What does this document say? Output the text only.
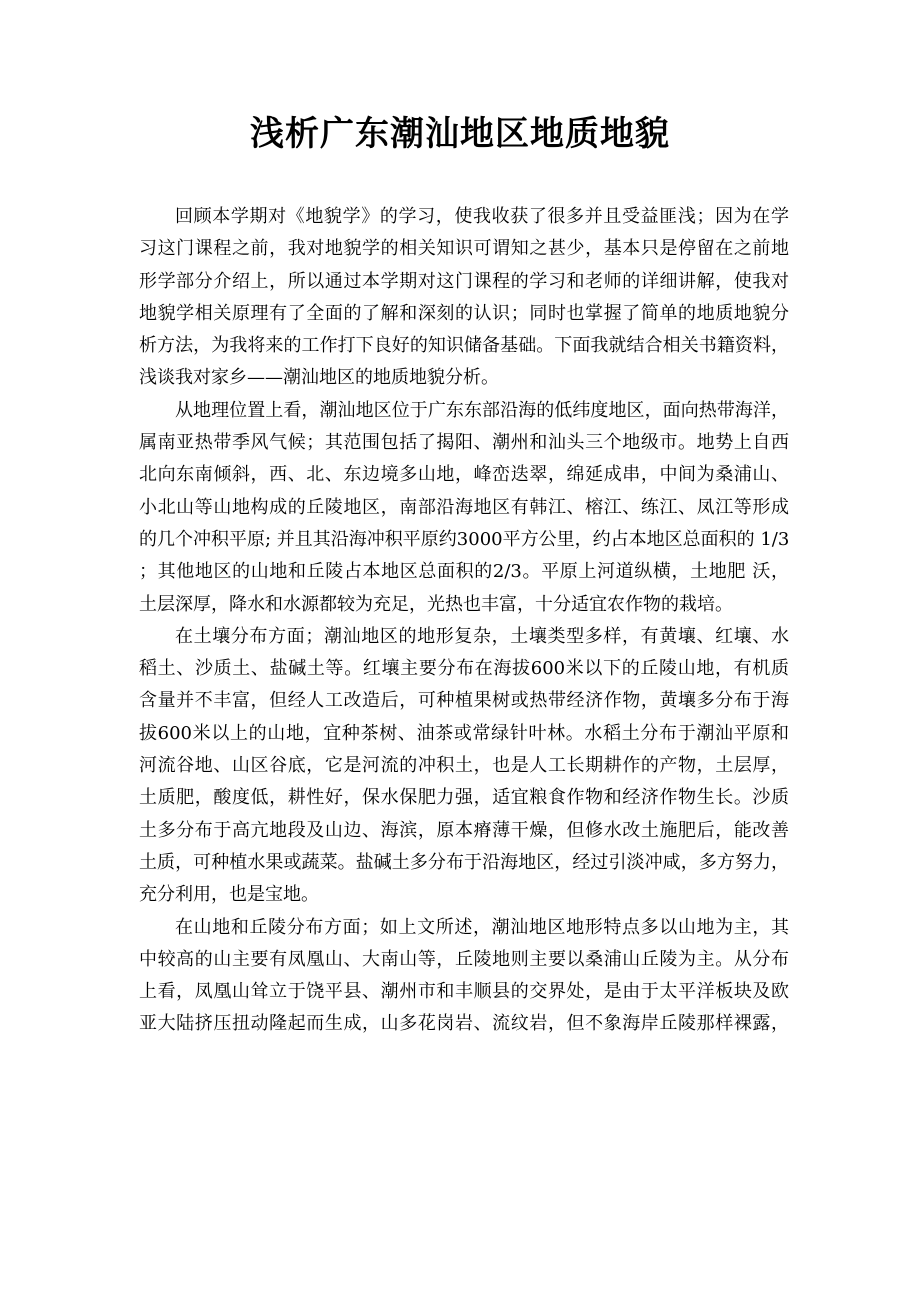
浅析广东潮汕地区地质地貌
回顾本学期对《地貌学》的学习，使我收获了很多并且受益匪浅；因为在学
习这门课程之前，我对地貌学的相关知识可谓知之甚少，基本只是停留在之前地
形学部分介绍上，所以通过本学期对这门课程的学习和老师的详细讲解，使我对
地貌学相关原理有了全面的了解和深刻的认识；同时也掌握了简单的地质地貌分
析方法，为我将来的工作打下良好的知识储备基础。下面我就结合相关书籍资料，
浅谈我对家乡——潮汕地区的地质地貌分析。
从地理位置上看，潮汕地区位于广东东部沿海的低纬度地区，面向热带海洋，
属南亚热带季风气候；其范围包括了揭阳、潮州和汕头三个地级市。地势上自西
北向东南倾斜，西、北、东边境多山地，峰峦迭翠，绵延成串，中间为桑浦山、
小北山等山地构成的丘陵地区，南部沿海地区有韩江、榕江、练江、凤江等形成
的几个冲积平原; 并且其沿海冲积平原约3000平方公里，约占本地区总面积的 1/3
；其他地区的山地和丘陵占本地区总面积的2/3。平原上河道纵横，土地肥 沃，
土层深厚，降水和水源都较为充足，光热也丰富，十分适宜农作物的栽培。
在土壤分布方面；潮汕地区的地形复杂，土壤类型多样，有黄壤、红壤、水
稻土、沙质土、盐碱土等。红壤主要分布在海拔600米以下的丘陵山地，有机质
含量并不丰富，但经人工改造后，可种植果树或热带经济作物，黄壤多分布于海
拔600米以上的山地，宜种茶树、油茶或常绿针叶林。水稻土分布于潮汕平原和
河流谷地、山区谷底，它是河流的冲积土，也是人工长期耕作的产物，土层厚，
土质肥，酸度低，耕性好，保水保肥力强，适宜粮食作物和经济作物生长。沙质
土多分布于高亢地段及山边、海滨，原本瘠薄干燥，但修水改土施肥后，能改善
土质，可种植水果或蔬菜。盐碱土多分布于沿海地区，经过引淡冲咸，多方努力，
充分利用，也是宝地。
在山地和丘陵分布方面；如上文所述，潮汕地区地形特点多以山地为主，其
中较高的山主要有凤凰山、大南山等，丘陵地则主要以桑浦山丘陵为主。从分布
上看，凤凰山耸立于饶平县、潮州市和丰顺县的交界处，是由于太平洋板块及欧
亚大陆挤压扭动隆起而生成，山多花岗岩、流纹岩，但不象海岸丘陵那样裸露，
